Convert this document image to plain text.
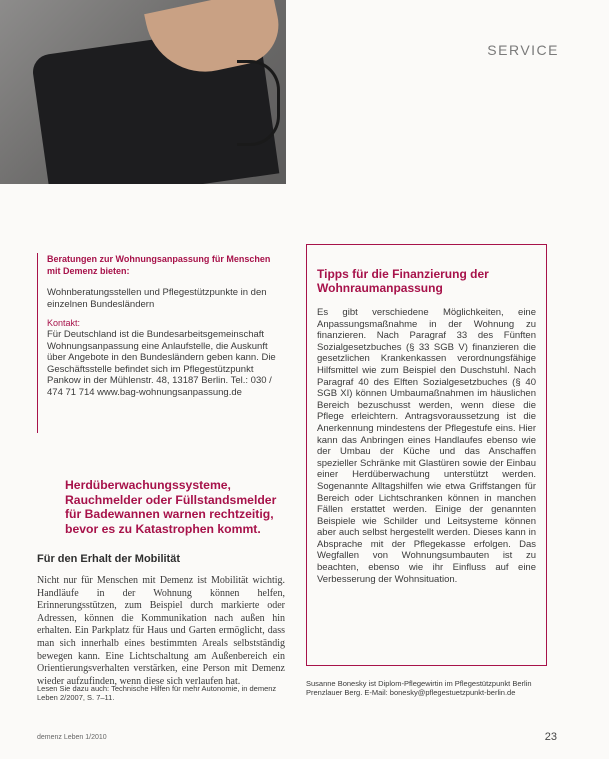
SERVICE
Beratungen zur Wohnungsanpassung für Menschen mit Demenz bieten:

Wohnberatungsstellen und Pflegestützpunkte in den einzelnen Bundesländern

Kontakt:

Für Deutschland ist die Bundesarbeitsgemeinschaft Wohnungsanpassung eine Anlaufstelle, die Auskunft über Angebote in den Bundesländern geben kann. Die Geschäftsstelle befindet sich im Pflegestützpunkt Pankow in der Mühlenstr. 48, 13187 Berlin. Tel.: 030 / 474 71 714 www.bag-wohnungsanpassung.de

Tipps für die Finanzierung der Wohnraumanpassung

Es gibt verschiedene Möglichkeiten, eine Anpassungsmaßnahme in der Wohnung zu finanzieren. Nach Paragraf 33 des Fünften Sozialgesetzbuches (§ 33 SGB V) finanzieren die gesetzlichen Krankenkassen verordnungsfähige Hilfsmittel wie zum Beispiel den Duschstuhl. Nach Paragraf 40 des Elften Sozialgesetzbuches (§ 40 SGB XI) können Umbaumaßnahmen im häuslichen Bereich bezuschusst werden, wenn diese die Pflege erleichtern. Antragsvoraussetzung ist die Anerkennung mindestens der Pflegestufe eins. Hier kann das Anbringen eines Handlaufes ebenso wie der Umbau der Küche und das Anschaffen spezieller Schränke mit Glastüren sowie der Einbau einer Herdüberwachung unterstützt werden. Sogenannte Alltagshilfen wie etwa Griffstangen für Bereich oder Lichtschranken können in manchen Fällen erstattet werden. Einige der genannten Beispiele wie Schilder und Leitsysteme können aber auch selbst hergestellt werden. Dieses kann in Absprache mit der Pflegekasse erfolgen. Das Wegfallen von Wohnungsumbauten ist zu beachten, ebenso wie ihr Einfluss auf eine Verbesserung der Wohnsituation.

Herdüberwachungssysteme, Rauchmelder oder Füllstandsmelder für Badewannen warnen rechtzeitig, bevor es zu Katastrophen kommt.
Für den Erhalt der Mobilität

Nicht nur für Menschen mit Demenz ist Mobilität wichtig. Handläufe in der Wohnung können helfen, Erinnerungsstützen, zum Beispiel durch markierte oder Adressen, können die Kommunikation nach außen hin erhalten. Ein Parkplatz für Haus und Garten ermöglicht, dass man sich innerhalb eines bestimmten Areals selbstständig bewegen kann. Eine Lichtschaltung am Außenbereich ein Orientierungsverhalten verstärken, eine Person mit Demenz wieder aufzufinden, wenn diese sich verlaufen hat.

Lesen Sie dazu auch: Technische Hilfen für mehr Autonomie, in demenz Leben 2/2007, S. 7–11.
Susanne Bonesky ist Diplom-Pflegewirtin im Pflegestützpunkt Berlin Prenzlauer Berg. E-Mail: bonesky@pflegestuetzpunkt-berlin.de
demenz Leben 1/2010	23
